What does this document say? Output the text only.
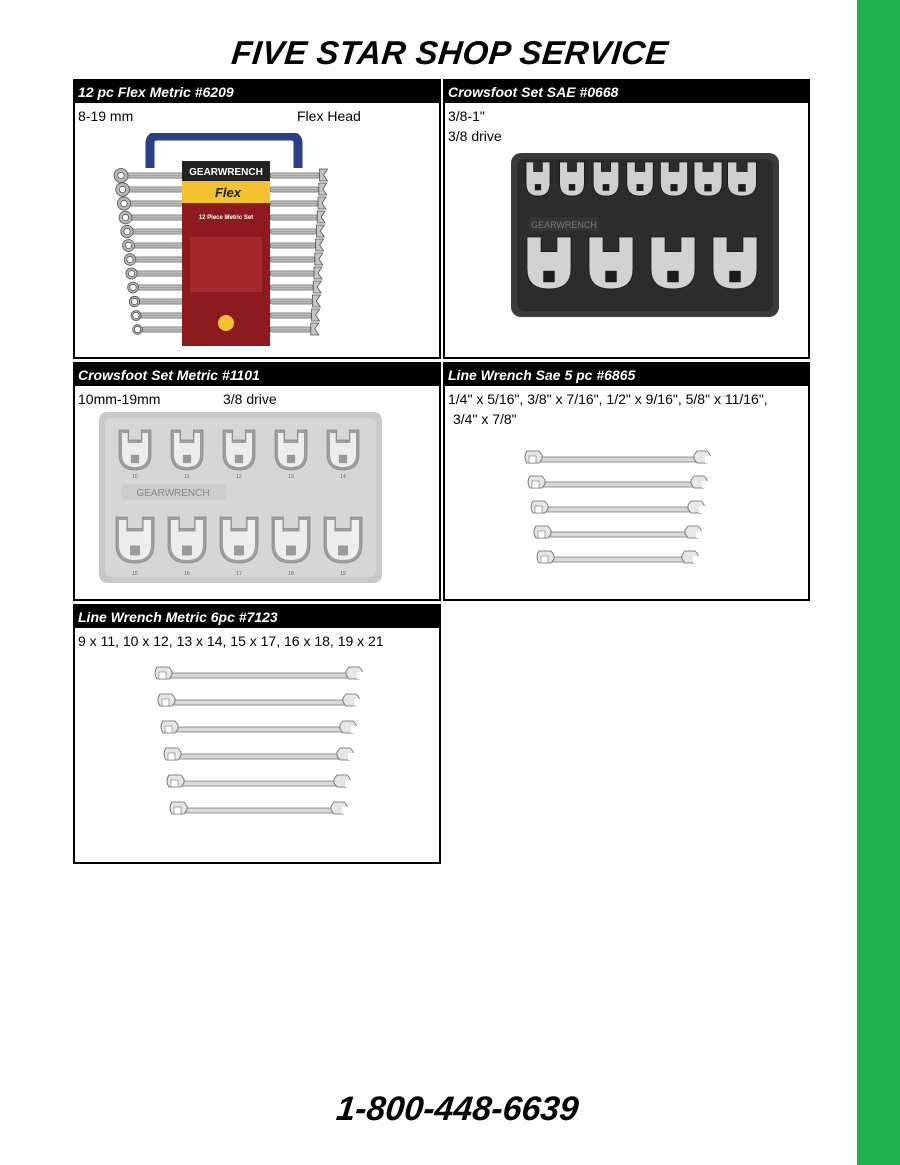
FIVE STAR SHOP SERVICE
12 pc Flex Metric #6209
8-19 mm	Flex Head
GEARWRENCH
Flex
12 Piece Metric Set
Crowsfoot Set SAE #0668
3/8-1"
3/8 drive
GEARWRENCH
Crowsfoot Set Metric #1101
10mm-19mm	3/8 drive
10	11	12	13	14
15	16	17	18	19
GEARWRENCH
Line Wrench Sae 5 pc #6865
1/4" x 5/16", 3/8" x 7/16", 1/2" x 9/16", 5/8" x 11/16",
3/4" x 7/8"
Line Wrench Metric 6pc #7123
9 x 11, 10 x 12, 13 x 14, 15 x 17, 16 x 18, 19 x 21
1-800-448-6639
